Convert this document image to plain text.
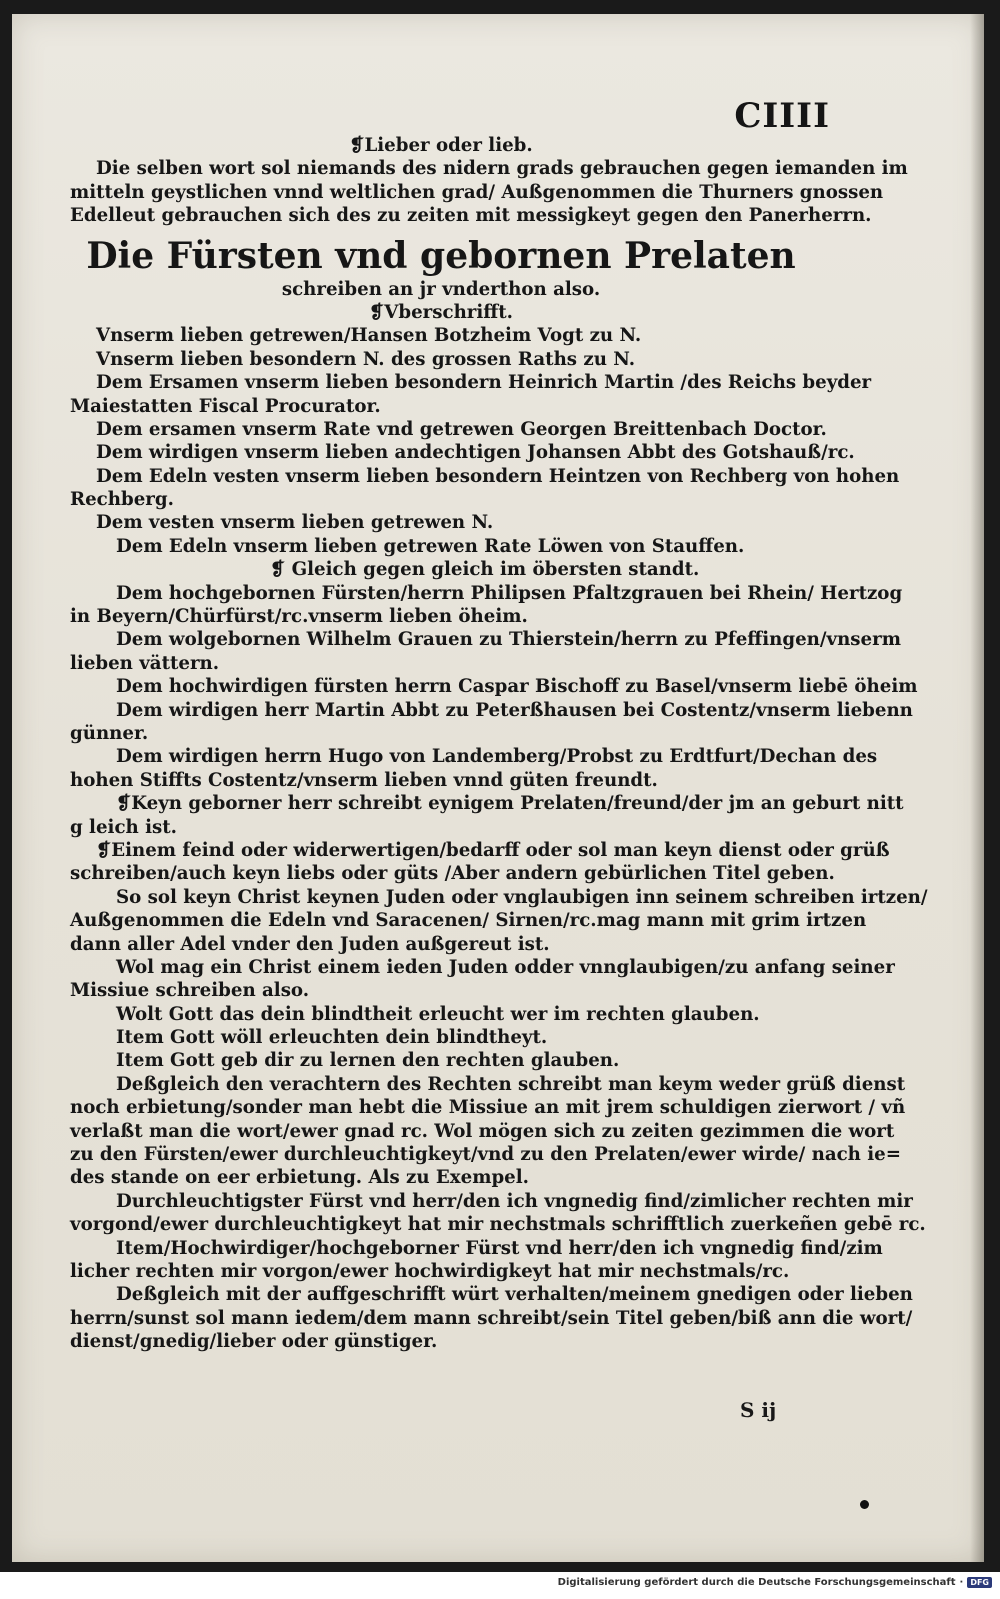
CIIII
❡Lieber oder lieb.
Die selben wort sol niemands des nidern grads gebrauchen gegen iemanden im
mitteln geystlichen vnnd weltlichen grad/ Außgenommen die Thurners gnossen
Edelleut gebrauchen sich des zu zeiten mit messigkeyt gegen den Panerherrn.
Die Fürsten vnd gebornen Prelaten
schreiben an jr vnderthon also.
❡Vberschrifft.
Vnserm lieben getrewen/Hansen Botzheim Vogt zu N.
Vnserm lieben besondern N. des grossen Raths zu N.
Dem Ersamen vnserm lieben besondern Heinrich Martin /des Reichs beyder
Maiestatten Fiscal Procurator.
Dem ersamen vnserm Rate vnd getrewen Georgen Breittenbach Doctor.
Dem wirdigen vnserm lieben andechtigen Johansen Abbt des Gotshauß/rc.
Dem Edeln vesten vnserm lieben besondern Heintzen von Rechberg von hohen
Rechberg.
Dem vesten vnserm lieben getrewen N.
Dem Edeln vnserm lieben getrewen Rate Löwen von Stauffen.
❡ Gleich gegen gleich im öbersten standt.
Dem hochgebornen Fürsten/herrn Philipsen Pfaltzgrauen bei Rhein/ Hertzog
in Beyern/Chürfürst/rc.vnserm lieben öheim.
Dem wolgebornen Wilhelm Grauen zu Thierstein/herrn zu Pfeffingen/vnserm
lieben vättern.
Dem hochwirdigen fürsten herrn Caspar Bischoff zu Basel/vnserm liebē öheim
Dem wirdigen herr Martin Abbt zu Peterßhausen bei Costentz/vnserm liebenn
günner.
Dem wirdigen herrn Hugo von Landemberg/Probst zu Erdtfurt/Dechan des
hohen Stiffts Costentz/vnserm lieben vnnd güten freundt.
❡Keyn geborner herr schreibt eynigem Prelaten/freund/der jm an geburt nitt
g leich ist.
❡Einem feind oder widerwertigen/bedarff oder sol man keyn dienst oder grüß
schreiben/auch keyn liebs oder güts /Aber andern gebürlichen Titel geben.
So sol keyn Christ keynen Juden oder vnglaubigen inn seinem schreiben irtzen/
Außgenommen die Edeln vnd Saracenen/ Sirnen/rc.mag mann mit grim irtzen
dann aller Adel vnder den Juden außgereut ist.
Wol mag ein Christ einem ieden Juden odder vnnglaubigen/zu anfang seiner
Missiue schreiben also.
Wolt Gott das dein blindtheit erleucht wer im rechten glauben.
Item Gott wöll erleuchten dein blindtheyt.
Item Gott geb dir zu lernen den rechten glauben.
Deßgleich den verachtern des Rechten schreibt man keym weder grüß dienst
noch erbietung/sonder man hebt die Missiue an mit jrem schuldigen zierwort / vñ
verlaßt man die wort/ewer gnad rc. Wol mögen sich zu zeiten gezimmen die wort
zu den Fürsten/ewer durchleuchtigkeyt/vnd zu den Prelaten/ewer wirde/ nach ie=
des stande on eer erbietung. Als zu Exempel.
Durchleuchtigster Fürst vnd herr/den ich vngnedig find/zimlicher rechten mir
vorgond/ewer durchleuchtigkeyt hat mir nechstmals schrifftlich zuerkeñen gebē rc.
Item/Hochwirdiger/hochgeborner Fürst vnd herr/den ich vngnedig find/zim
licher rechten mir vorgon/ewer hochwirdigkeyt hat mir nechstmals/rc.
Deßgleich mit der auffgeschrifft würt verhalten/meinem gnedigen oder lieben
herrn/sunst sol mann iedem/dem mann schreibt/sein Titel geben/biß ann die wort/
dienst/gnedig/lieber oder günstiger.
S ij
Digitalisierung gefördert durch die Deutsche Forschungsgemeinschaft · DFG
